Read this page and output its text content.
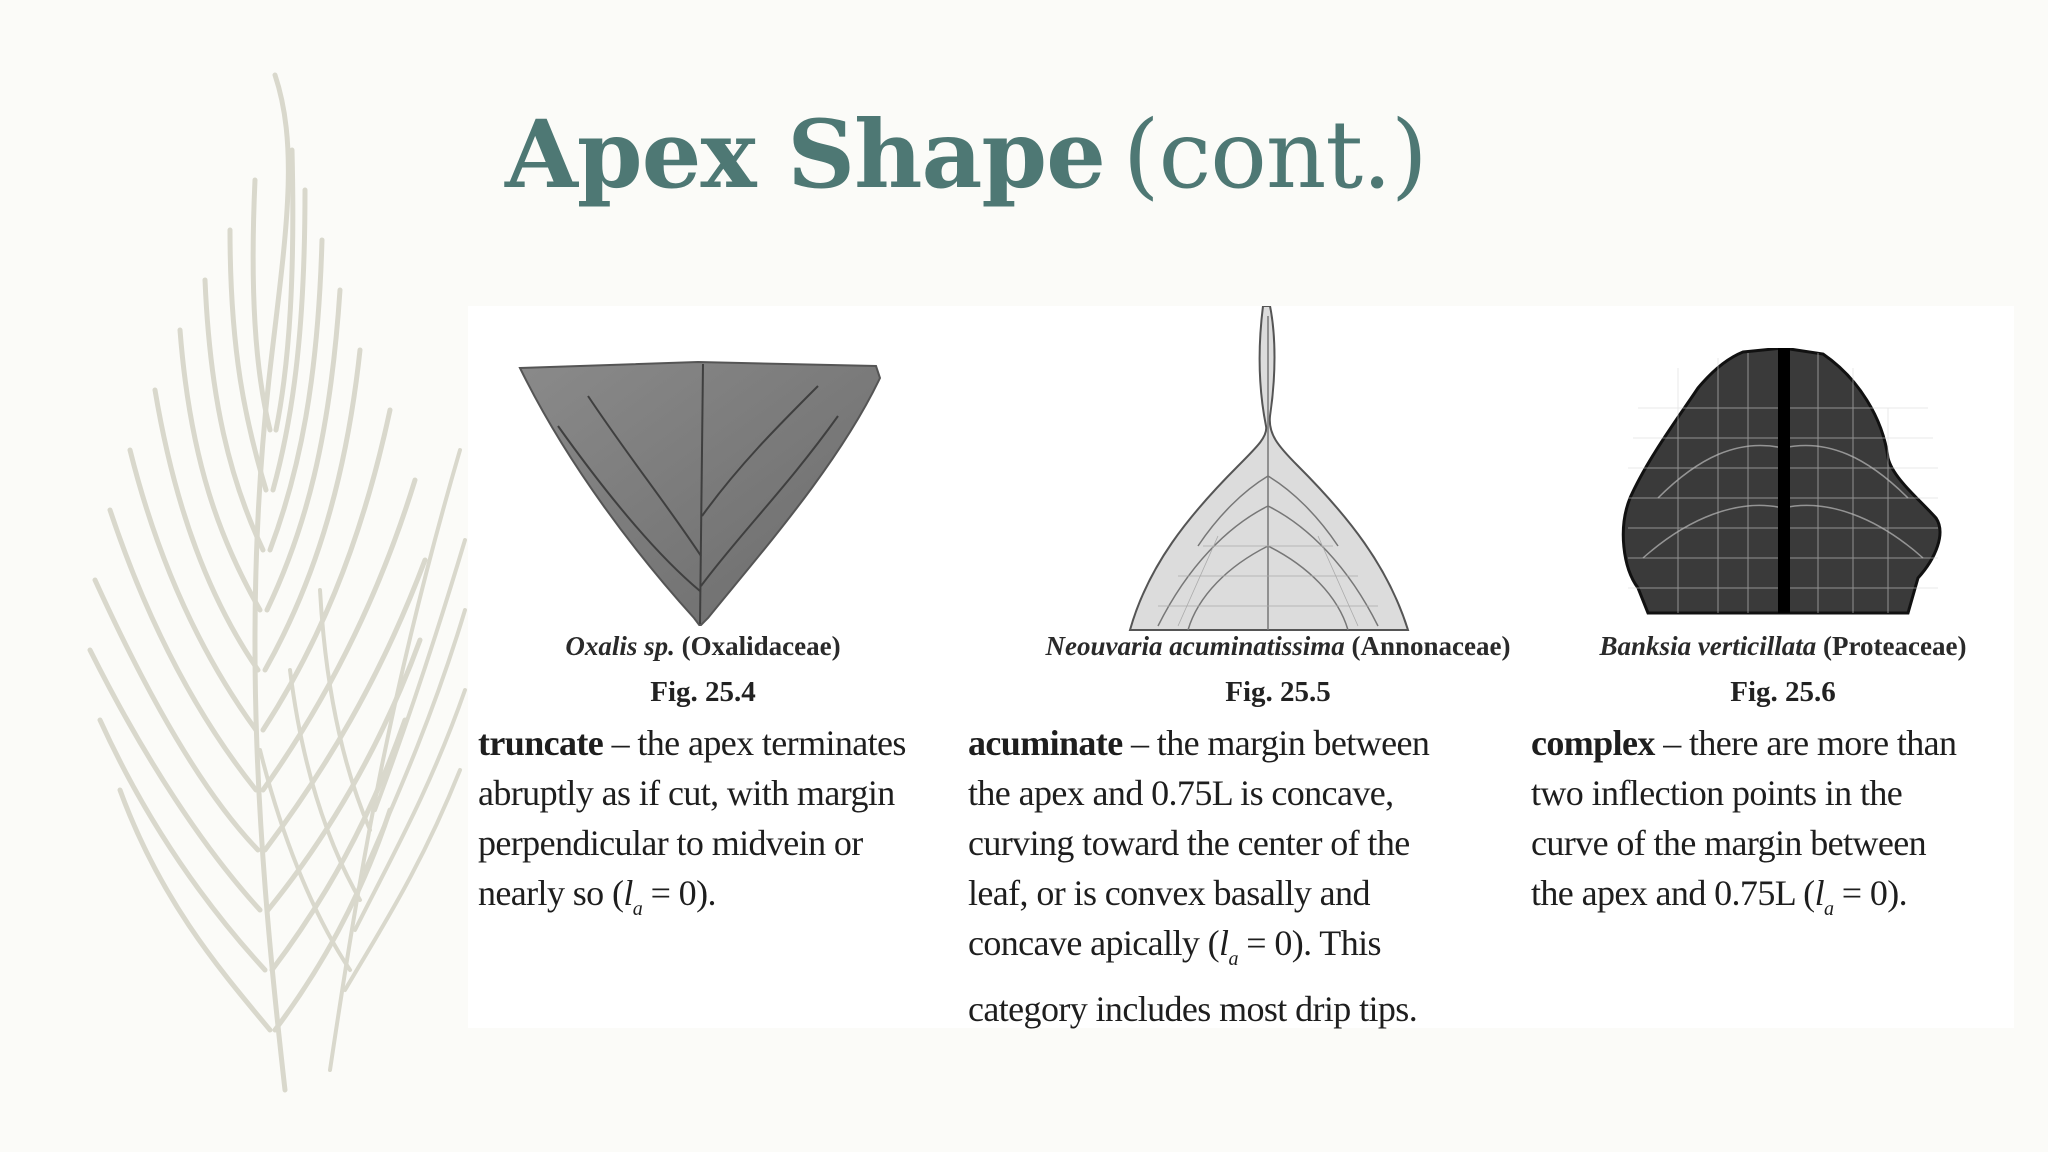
Apex Shape (cont.)
Oxalis sp. (Oxalidaceae)
Fig. 25.4
truncate – the apex terminates
abruptly as if cut, with margin
perpendicular to midvein or
nearly so $(l_a = 0)$.
Neouvaria acuminatissima (Annonaceae)
Fig. 25.5
acuminate – the margin between
the apex and 0.75L is concave,
curving toward the center of the
leaf, or is convex basally and
concave apically $(l_a = 0)$. This
category includes most drip tips.
Banksia verticillata (Proteaceae)
Fig. 25.6
complex – there are more than
two inflection points in the
curve of the margin between
the apex and 0.75L $(l_a = 0)$.
